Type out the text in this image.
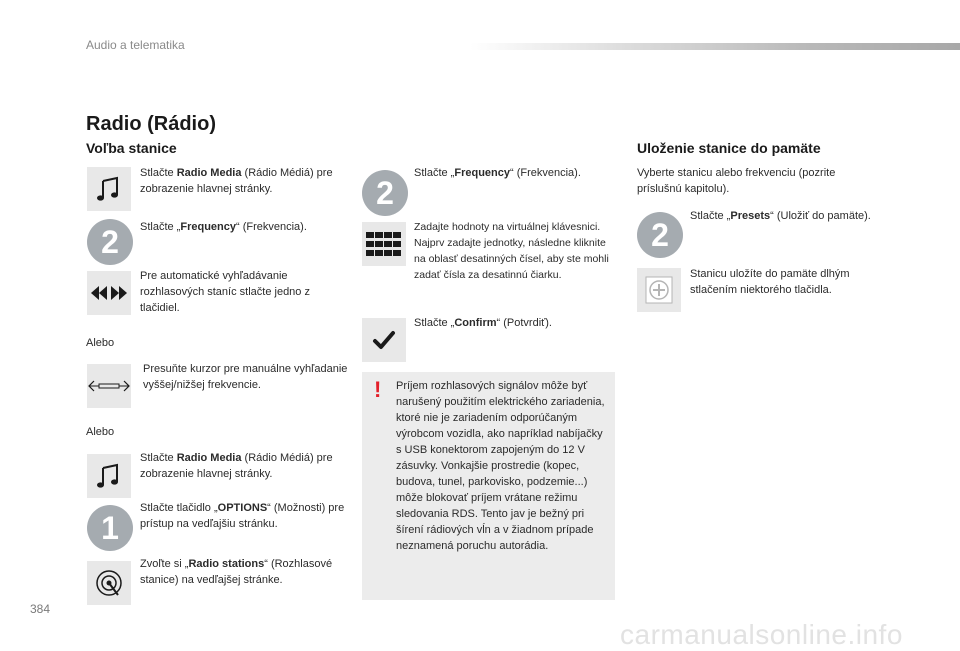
Audio a telematika
Radio (Rádio)
Voľba stanice
Stlačte Radio Media (Rádio Médiá) pre zobrazenie hlavnej stránky.
2	Stlačte „Frequency“ (Frekvencia).
Pre automatické vyhľadávanie rozhlasových staníc stlačte jedno z tlačidiel.
Alebo
Presuňte kurzor pre manuálne vyhľadanie vyššej/nižšej frekvencie.
Alebo
Stlačte Radio Media (Rádio Médiá) pre zobrazenie hlavnej stránky.
1
Stlačte tlačidlo „OPTIONS“ (Možnosti) pre prístup na vedľajšiu stránku.
Zvoľte si „Radio stations“ (Rozhlasové stanice) na vedľajšej stránke.
2
Stlačte „Frequency“ (Frekvencia).
Zadajte hodnoty na virtuálnej klávesnici. Najprv zadajte jednotky, následne kliknite na oblasť desatinných čísel, aby ste mohli zadať čísla za desatinnú čiarku.
Stlačte „Confirm“ (Potvrdiť).
! Príjem rozhlasových signálov môže byť narušený použitím elektrického zariadenia, ktoré nie je zariadením odporúčaným výrobcom vozidla, ako napríklad nabíjačky s USB konektorom zapojeným do 12 V zásuvky. Vonkajšie prostredie (kopec, budova, tunel, parkovisko, podzemie...) môže blokovať príjem vrátane režimu sledovania RDS. Tento jav je bežný pri šírení rádiových vĺn a v žiadnom prípade neznamená poruchu autorádia.
Uloženie stanice do pamäte
Vyberte stanicu alebo frekvenciu (pozrite príslušnú kapitolu).
2
Stlačte „Presets“ (Uložiť do pamäte).
Stanicu uložíte do pamäte dlhým stlačením niektorého tlačidla.
384
carmanualsonline.info
